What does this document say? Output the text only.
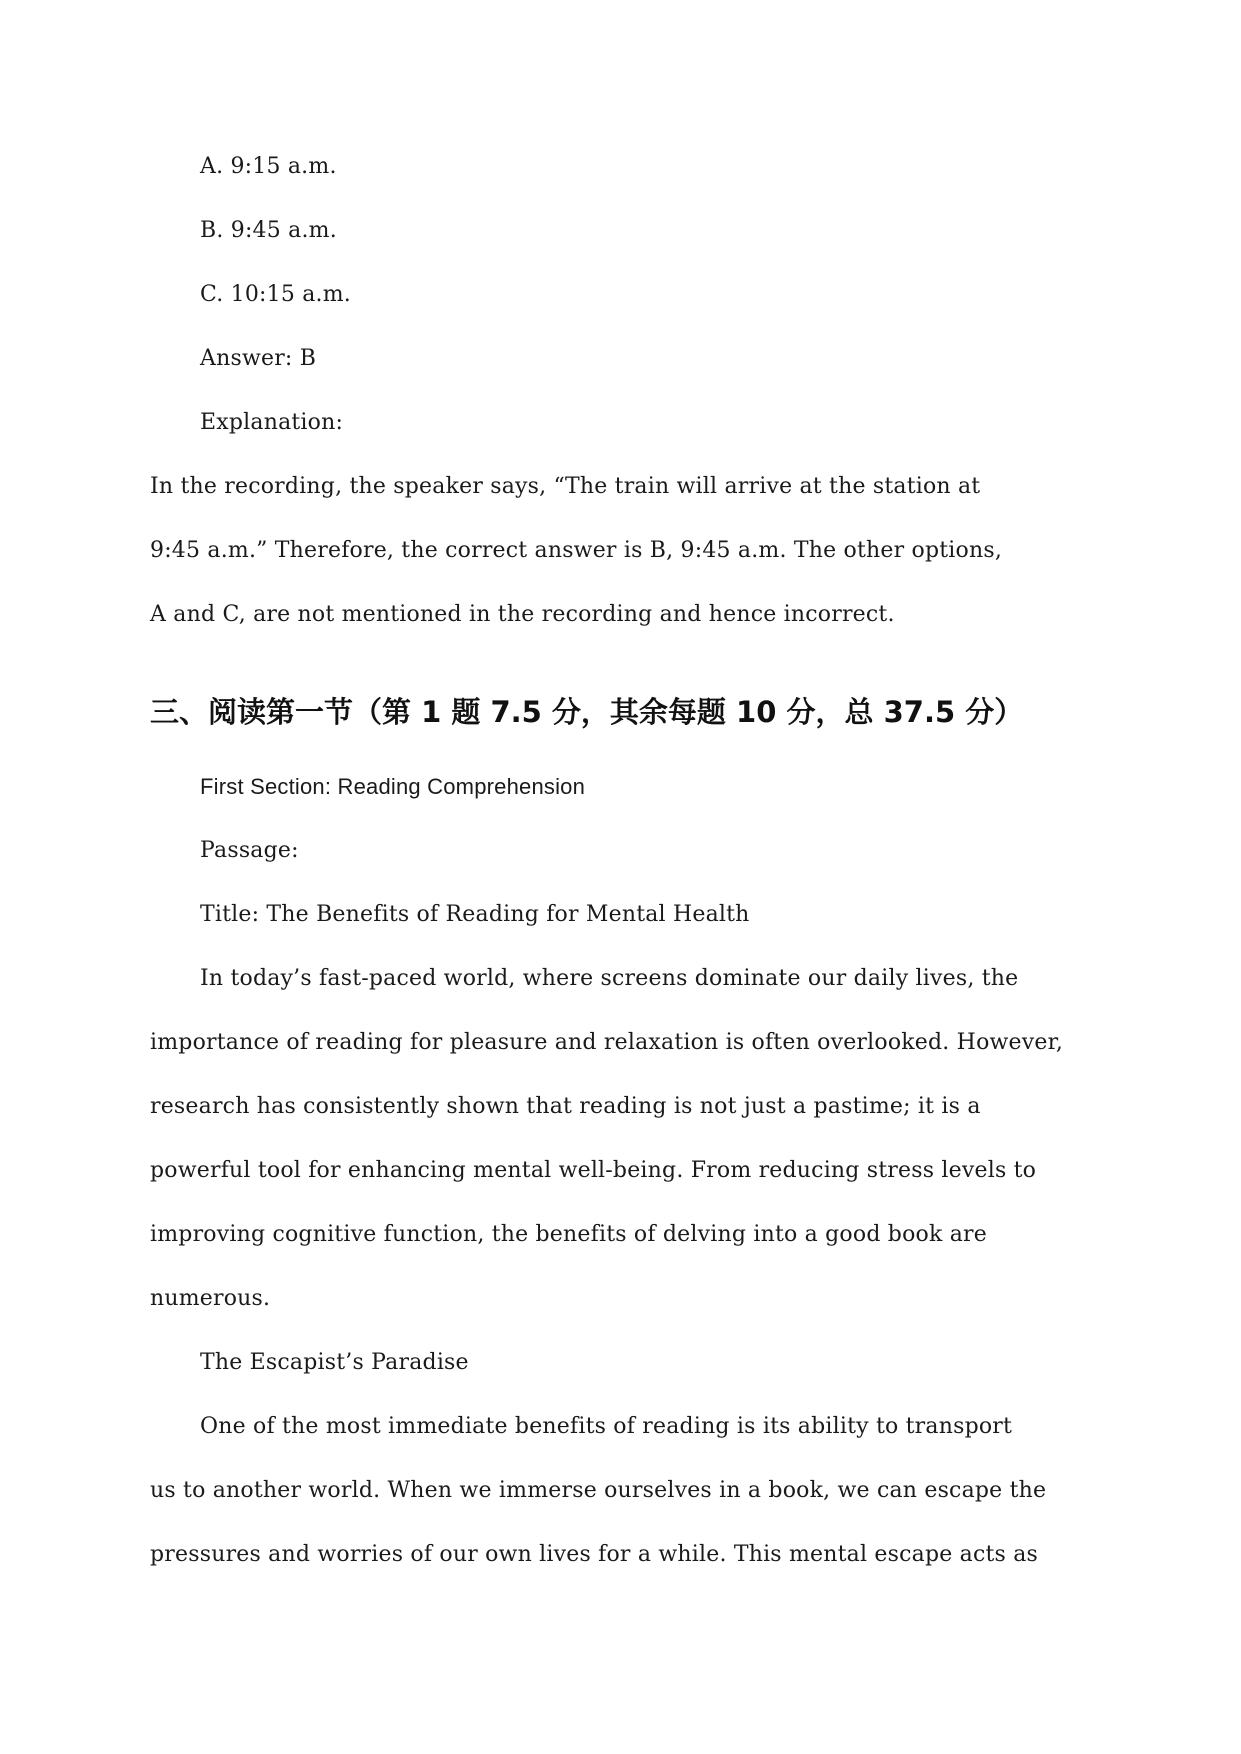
A. 9:15 a.m.
B. 9:45 a.m.
C. 10:15 a.m.
Answer: B
Explanation:
In the recording, the speaker says, “The train will arrive at the station at
9:45 a.m.” Therefore, the correct answer is B, 9:45 a.m. The other options,
A and C, are not mentioned in the recording and hence incorrect.
三、阅读第一节（第 1 题 7.5 分，其余每题 10 分，总 37.5 分）
First Section: Reading Comprehension
Passage:
Title: The Benefits of Reading for Mental Health
In today’s fast-paced world, where screens dominate our daily lives, the
importance of reading for pleasure and relaxation is often overlooked. However,
research has consistently shown that reading is not just a pastime; it is a
powerful tool for enhancing mental well-being. From reducing stress levels to
improving cognitive function, the benefits of delving into a good book are
numerous.
The Escapist’s Paradise
One of the most immediate benefits of reading is its ability to transport
us to another world. When we immerse ourselves in a book, we can escape the
pressures and worries of our own lives for a while. This mental escape acts as
